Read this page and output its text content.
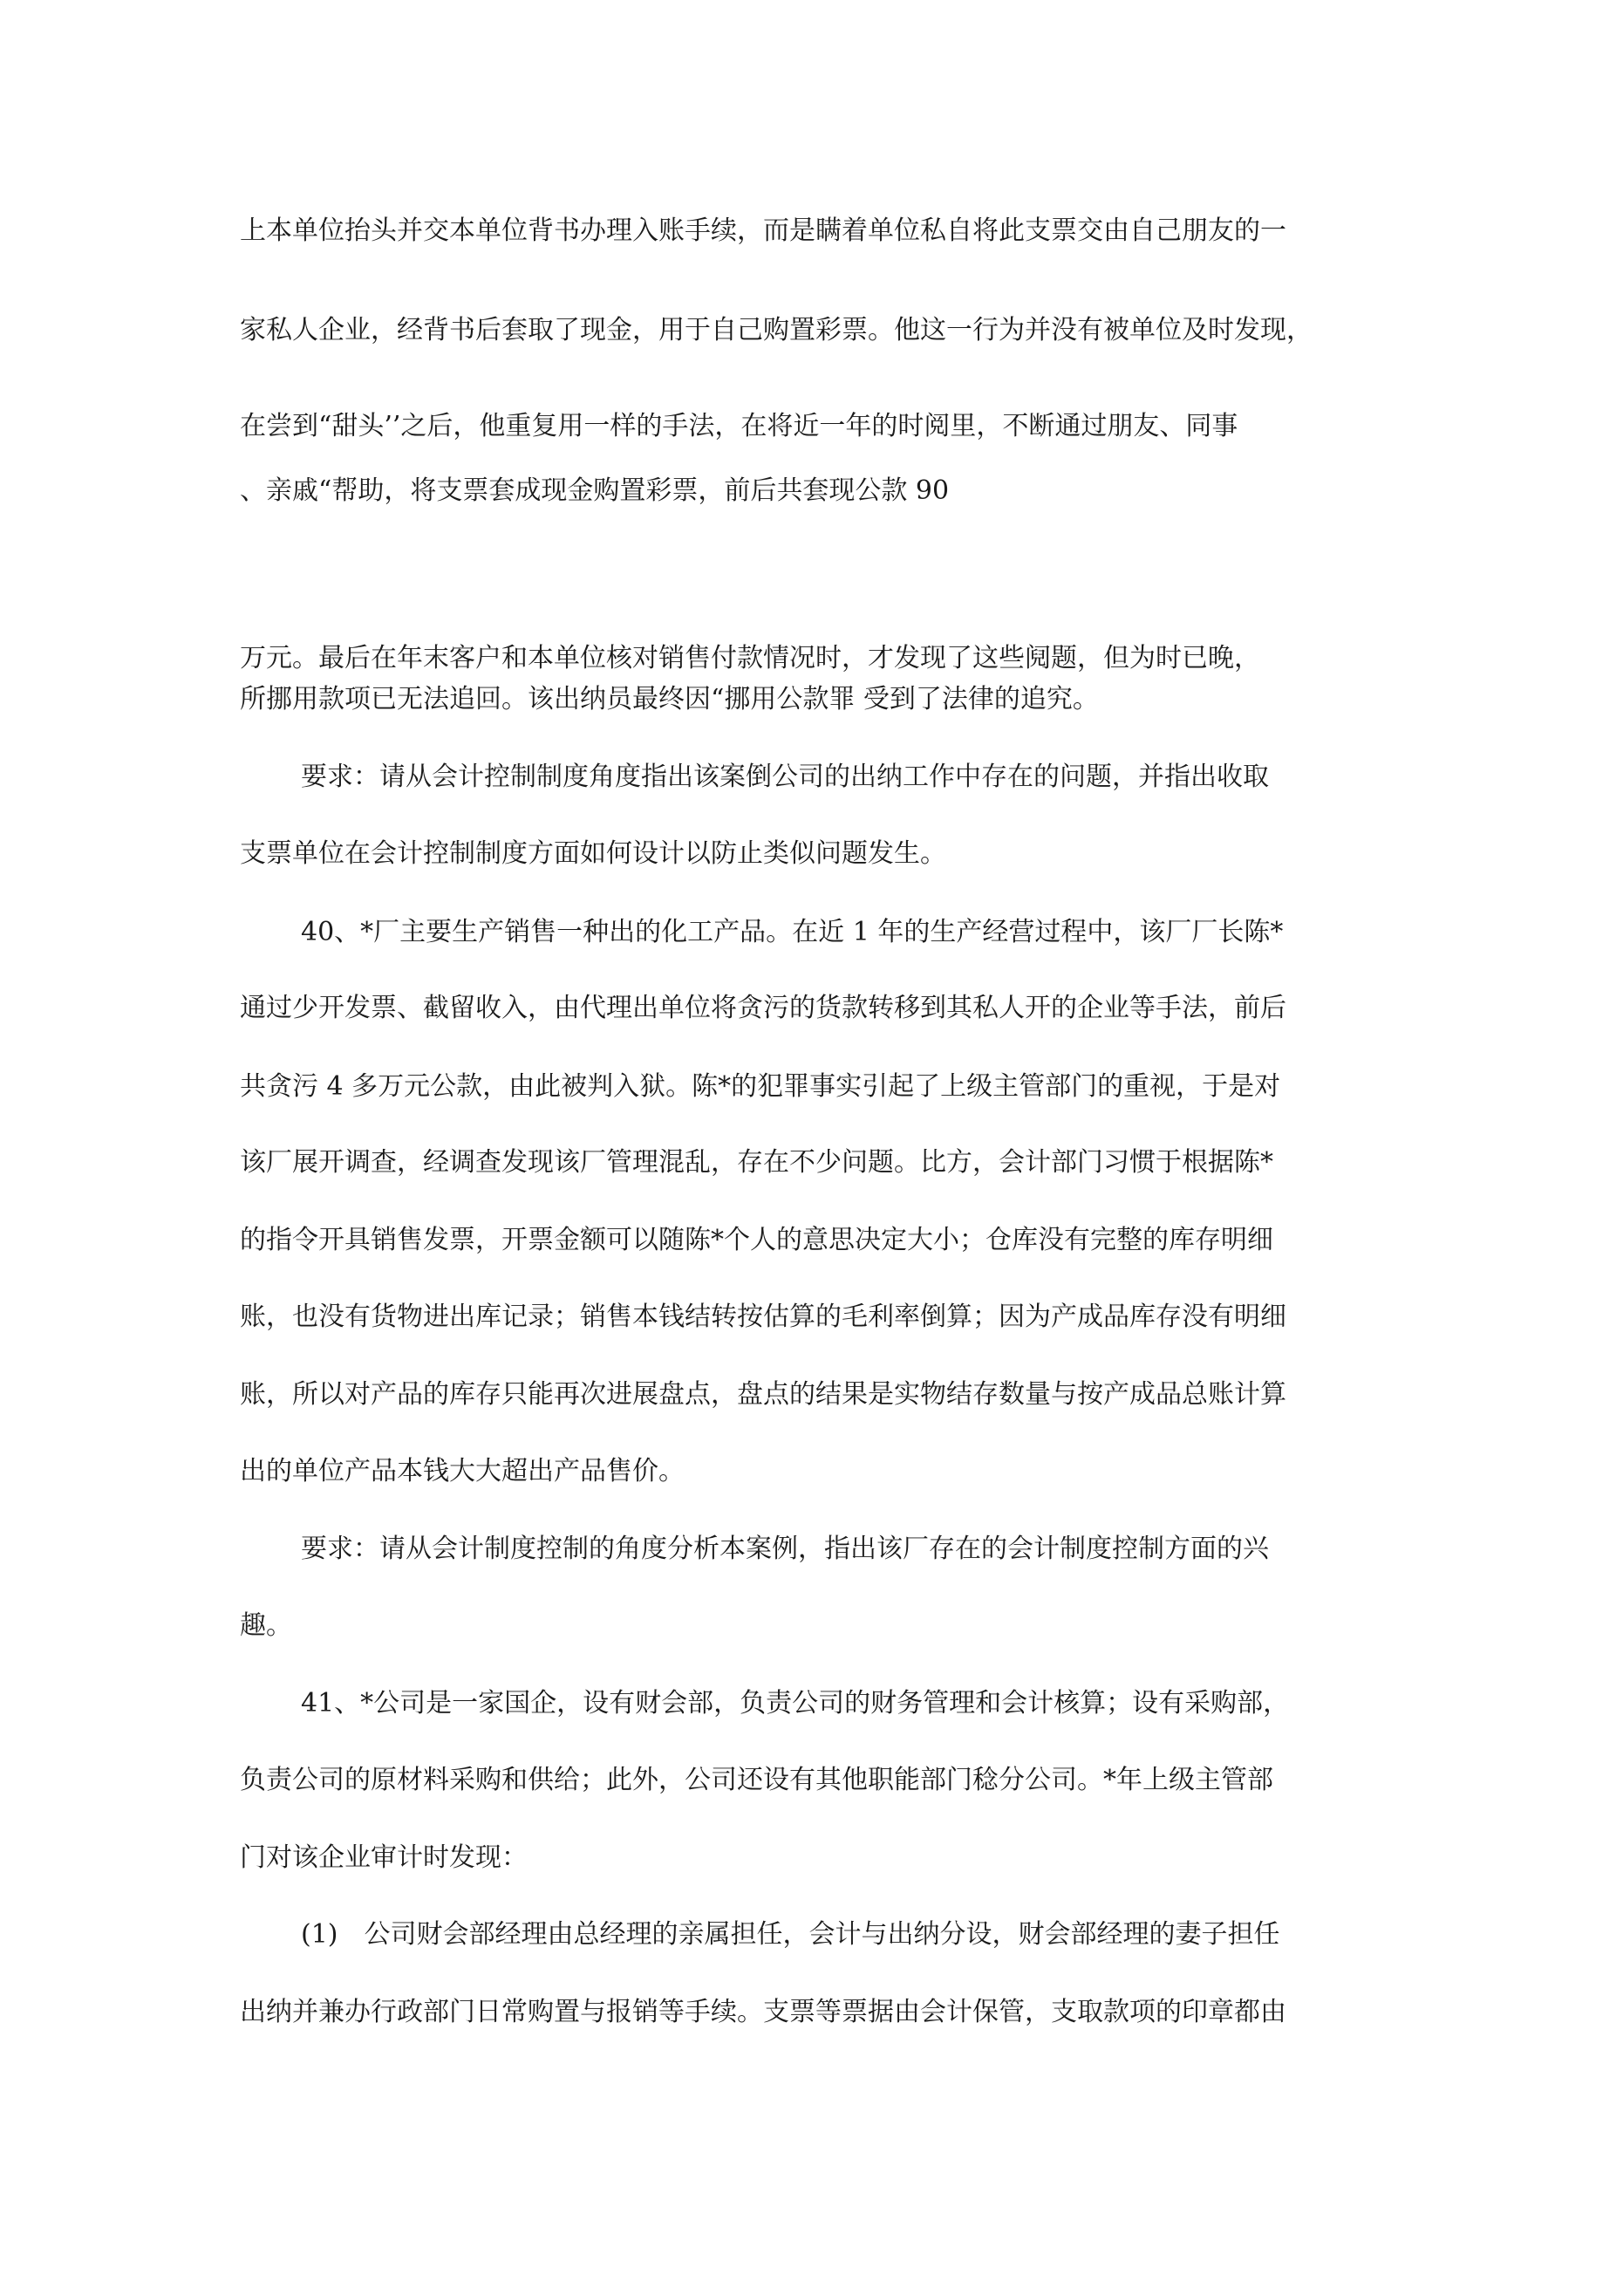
上本单位抬头并交本单位背书办理入账手续，而是瞒着单位私自将此支票交由自己朋友的一
家私人企业，经背书后套取了现金，用于自己购置彩票。他这一行为并没有被单位及时发现，
在尝到“甜头’’之后，他重复用一样的手法，在将近一年的时阅里，不断通过朋友、同事
、亲戚“帮助，将支票套成现金购置彩票，前后共套现公款 90
万元。最后在年末客户和本单位核对销售付款情况时，才发现了这些阋题，但为时已晚，
所挪用款项已无法追回。该出纳员最终因“挪用公款罪 受到了法律的追究。
要求：请从会计控制制度角度指出该案倒公司的出纳工作中存在的问题，并指出收取
支票单位在会计控制制度方面如何设计以防止类似问题发生。
40、*厂主要生产销售一种出的化工产品。在近 1 年的生产经营过程中，该厂厂长陈*
通过少开发票、截留收入，由代理出单位将贪污的货款转移到其私人开的企业等手法，前后
共贪污 4 多万元公款，由此被判入狱。陈*的犯罪事实引起了上级主管部门的重视，于是对
该厂展开调查，经调查发现该厂管理混乱，存在不少问题。比方，会计部门习惯于根据陈*
的指令开具销售发票，开票金额可以随陈*个人的意思决定大小；仓库没有完整的库存明细
账，也没有货物进出库记录；销售本钱结转按估算的毛利率倒算；因为产成品库存没有明细
账，所以对产品的库存只能再次进展盘点，盘点的结果是实物结存数量与按产成品总账计算
出的单位产品本钱大大超出产品售价。
要求：请从会计制度控制的角度分析本案例，指出该厂存在的会计制度控制方面的兴
趣。
41、*公司是一家国企，设有财会部，负责公司的财务管理和会计核算；设有采购部，
负责公司的原材料采购和供给；此外，公司还设有其他职能部门稔分公司。*年上级主管部
门对该企业审计时发现：
(1)　公司财会部经理由总经理的亲属担任，会计与出纳分设，财会部经理的妻子担任
出纳并兼办行政部门日常购置与报销等手续。支票等票据由会计保管，支取款项的印章都由
